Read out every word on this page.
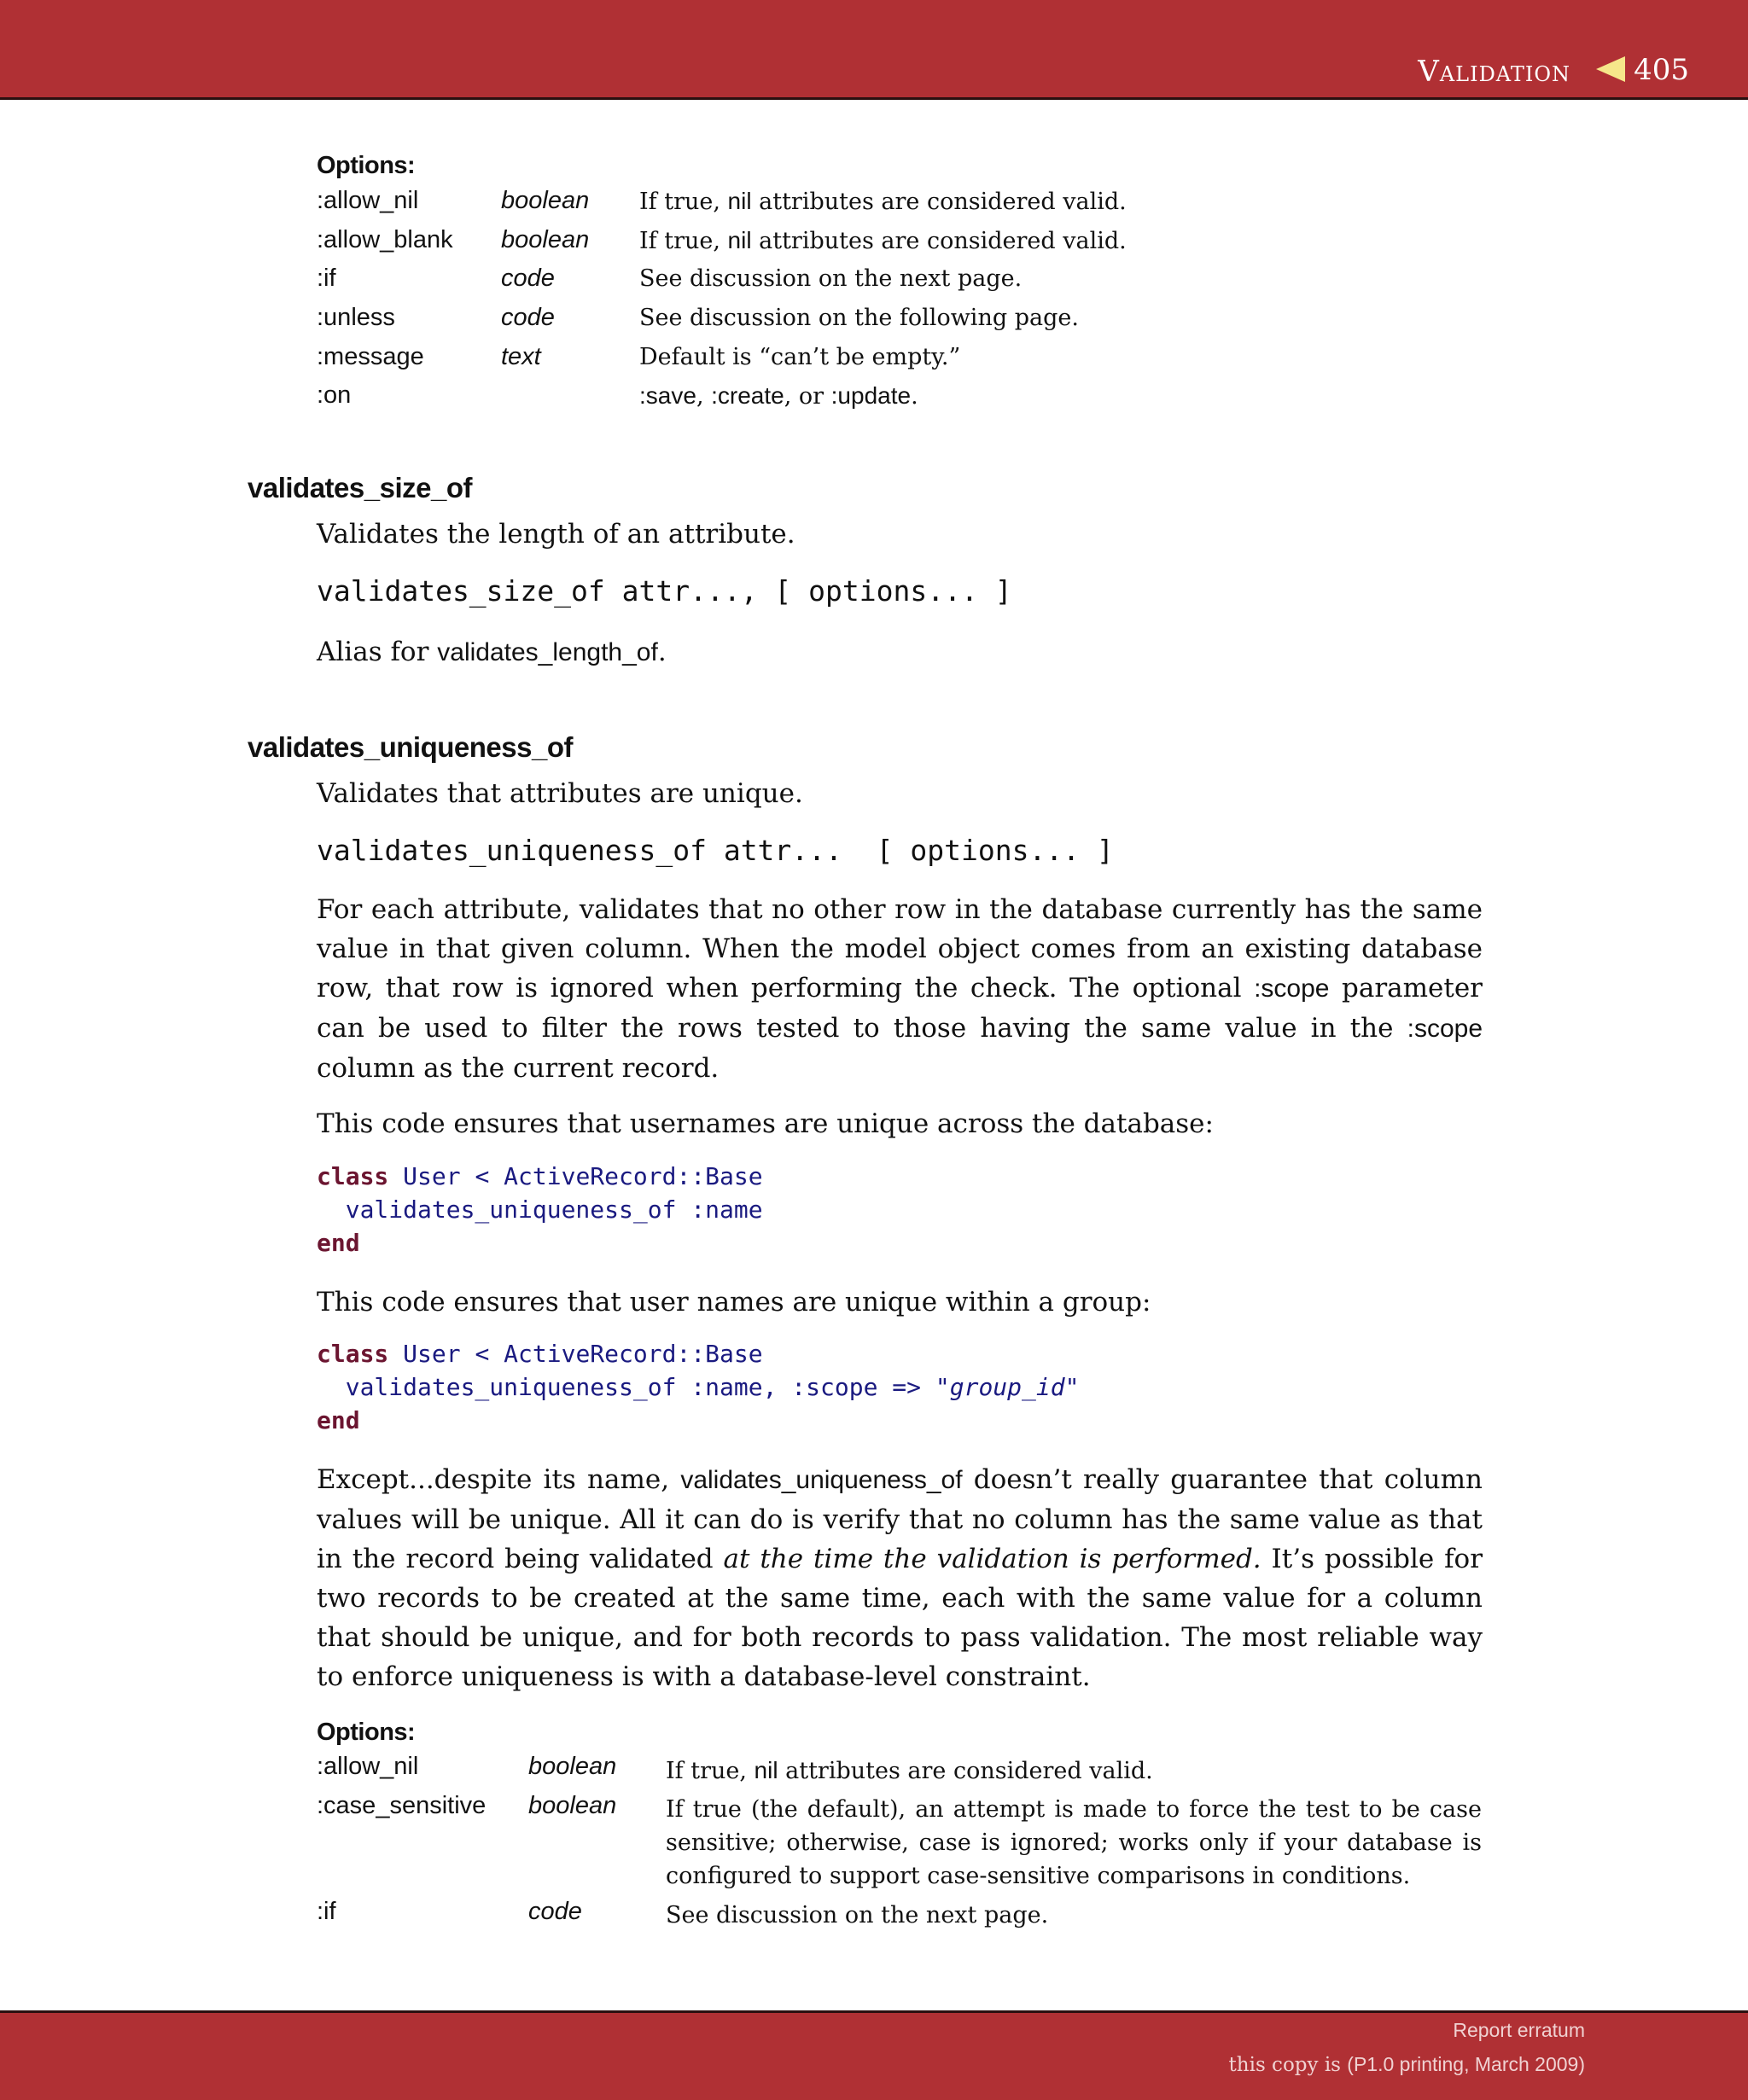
Validation 405
Options:
:allow_nil	boolean If true, nil attributes are considered valid.
:allow_blank boolean If true, nil attributes are considered valid.
:if	code	See discussion on the next page.
:unless	code	See discussion on the following page.
:message	text	Default is “can’t be empty.”
:on	:save, :create, or :update.
validates_size_of
Validates the length of an attribute.
validates_size_of attr..., [ options... ]
Alias for validates_length_of.
validates_uniqueness_of
Validates that attributes are unique.
validates_uniqueness_of attr...  [ options... ]
For each attribute, validates that no other row in the database currently has the same value in that given column. When the model object comes from an existing database row, that row is ignored when performing the check. The optional :scope parameter can be used to filter the rows tested to those having the same value in the :scope column as the current record.
This code ensures that usernames are unique across the database:
class User < ActiveRecord::Base
validates_uniqueness_of :name
end
This code ensures that user names are unique within a group:
class User < ActiveRecord::Base
validates_uniqueness_of :name, :scope => "group_id"
end
Except...despite its name, validates_uniqueness_of doesn’t really guarantee that column values will be unique. All it can do is verify that no column has the same value as that in the record being validated at the time the validation is performed. It’s possible for two records to be created at the same time, each with the same value for a column that should be unique, and for both records to pass validation. The most reliable way to enforce uniqueness is with a database-level constraint.
Options:
:allow_nil	boolean If true, nil attributes are considered valid.
:case_sensitive boolean If true (the default), an attempt is made to force the test to be case sensitive; otherwise, case is ignored; works only if your database is configured to support case-sensitive comparisons in conditions.
:if	code	See discussion on the next page.
Report erratum
this copy is (P1.0 printing, March 2009)
